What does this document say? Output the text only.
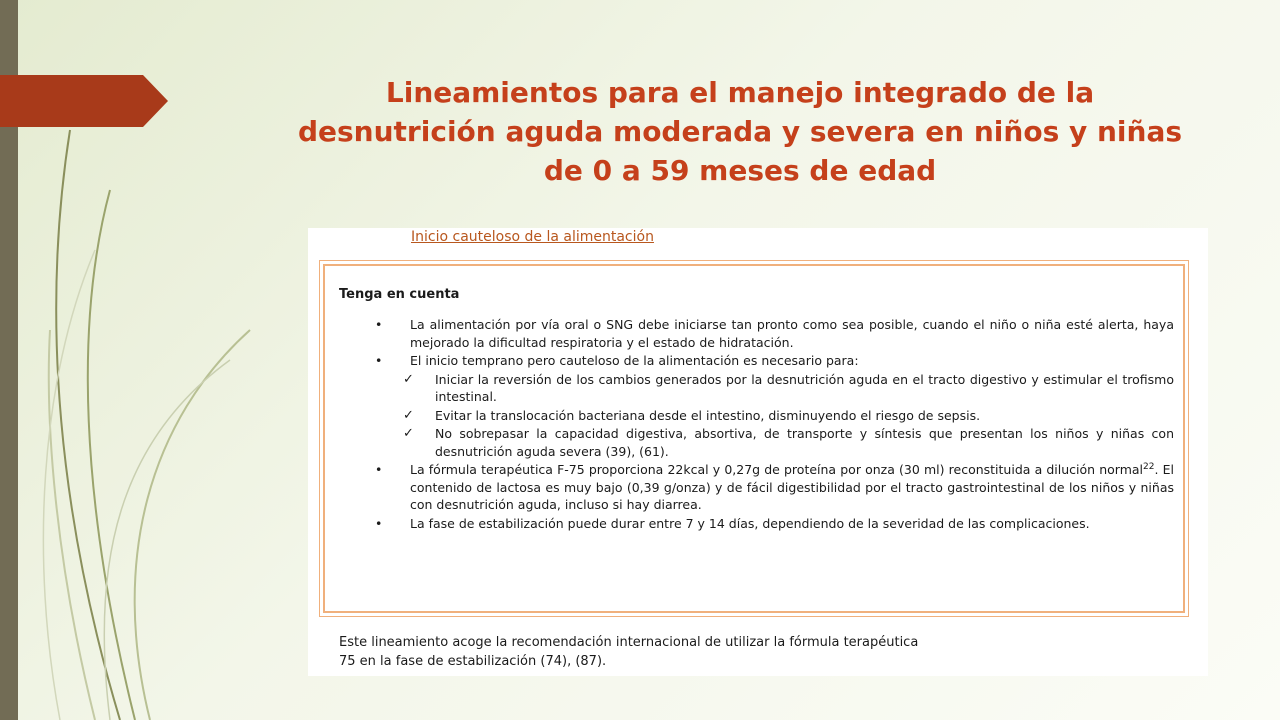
Lineamientos para el manejo integrado de la
desnutrición aguda moderada y severa en niños y niñas
de 0 a 59 meses de edad
Inicio cauteloso de la alimentación
Tenga en cuenta
• La alimentación por vía oral o SNG debe iniciarse tan pronto como sea posible, cuando el niño o niña esté alerta, haya mejorado la dificultad respiratoria y el estado de hidratación.
• El inicio temprano pero cauteloso de la alimentación es necesario para:
✓ Iniciar la reversión de los cambios generados por la desnutrición aguda en el tracto digestivo y estimular el trofismo intestinal.
✓ Evitar la translocación bacteriana desde el intestino, disminuyendo el riesgo de sepsis.
✓ No sobrepasar la capacidad digestiva, absortiva, de transporte y síntesis que presentan los niños y niñas con desnutrición aguda severa (39), (61).
• La fórmula terapéutica F-75 proporciona 22kcal y 0,27g de proteína por onza (30 ml) reconstituida a dilución normal$^{22}$. El contenido de lactosa es muy bajo (0,39 g/onza) y de fácil digestibilidad por el tracto gastrointestinal de los niños y niñas con desnutrición aguda, incluso si hay diarrea.
• La fase de estabilización puede durar entre 7 y 14 días, dependiendo de la severidad de las complicaciones.

Este lineamiento acoge la recomendación internacional de utilizar la fórmula terapéutica
75 en la fase de estabilización (74), (87).
